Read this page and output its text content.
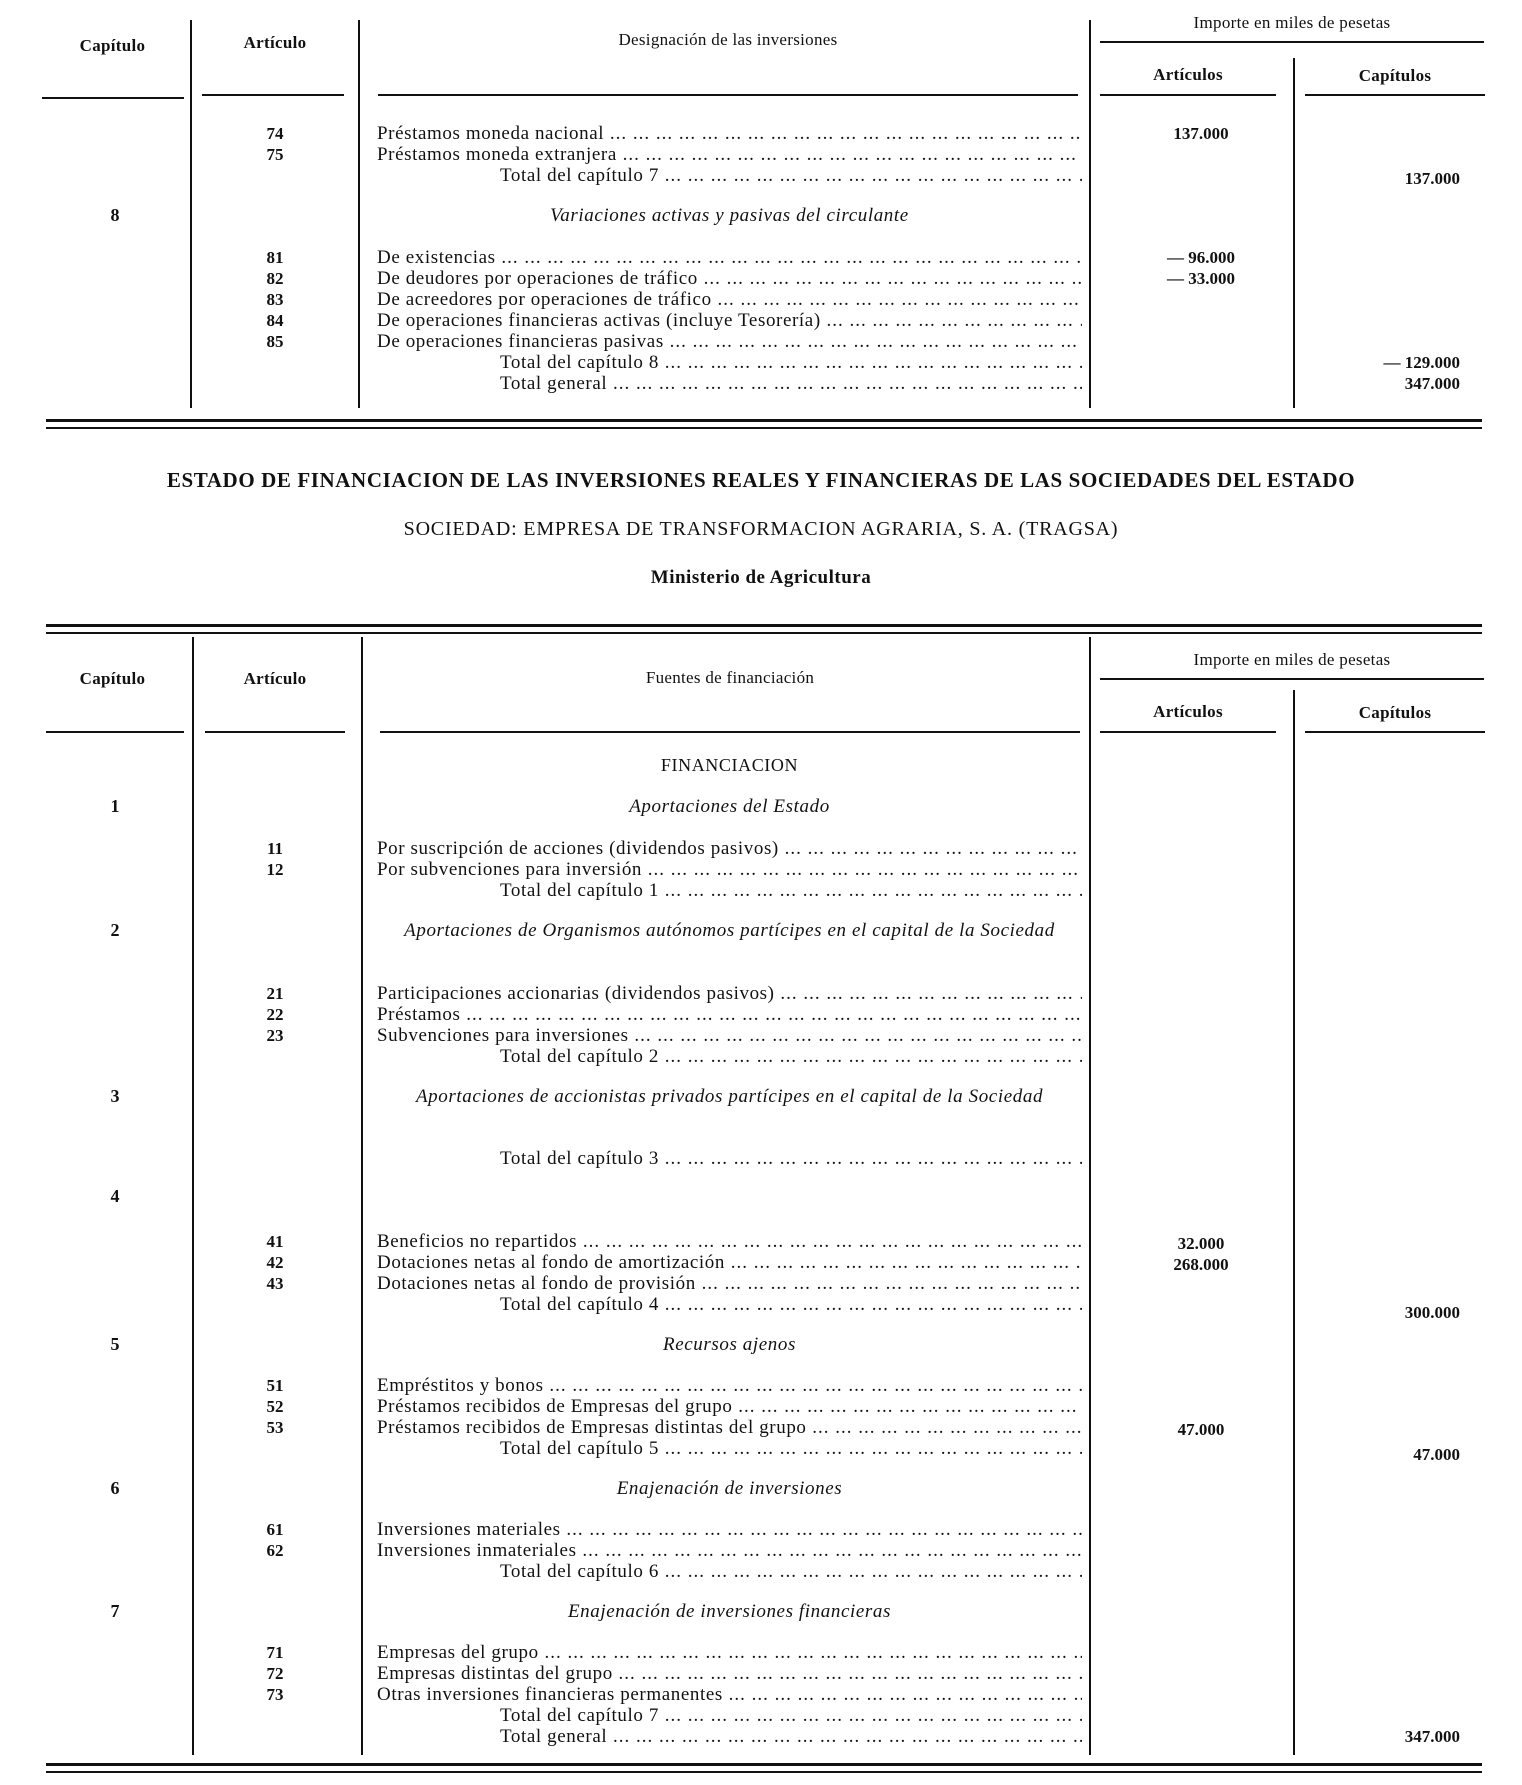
Capítulo	Artículo	Designación de las inversiones
Importe en miles de pesetas
Artículos	Capítulos
74	Préstamos moneda nacional ... .	137.000
75	Préstamos moneda extranjera ... .
Total del capítulo 7 ... .	137.000
8	Variaciones activas y pasivas del circulante
81	De existencias ... .	— 96.000
82	De deudores por operaciones de tráfico ... .	— 33.000
83	De acreedores por operaciones de tráfico ... .
84	De operaciones financieras activas (incluye Tesorería) ... .
85	De operaciones financieras pasivas ... .
Total del capítulo 8 ... .	— 129.000
Total general ... .	347.000
ESTADO DE FINANCIACION DE LAS INVERSIONES REALES Y FINANCIERAS DE LAS SOCIEDADES DEL ESTADO
SOCIEDAD: EMPRESA DE TRANSFORMACION AGRARIA, S. A. (TRAGSA)
Ministerio de Agricultura
Capítulo	Artículo	Fuentes de financiación
Importe en miles de pesetas
Artículos	Capítulos
FINANCIACION
1	Aportaciones del Estado
11	Por suscripción de acciones (dividendos pasivos) ... .
12	Por subvenciones para inversión ... .
Total del capítulo 1 ... .
2	Aportaciones de Organismos autónomos partícipes en el capital de la Sociedad
21	Participaciones accionarias (dividendos pasivos) ... .
22	Préstamos ... .
23	Subvenciones para inversiones ... .
Total del capítulo 2 ... .
3	Aportaciones de accionistas privados partícipes en el capital de la Sociedad
Total del capítulo 3 ... .
4
41	Beneficios no repartidos ... .	32.000
42	Dotaciones netas al fondo de amortización ... .	268.000
43	Dotaciones netas al fondo de provisión ... .
Total del capítulo 4 ... .	300.000
5	Recursos ajenos
51	Empréstitos y bonos ... .
52	Préstamos recibidos de Empresas del grupo ... .
53	Préstamos recibidos de Empresas distintas del grupo ... .	47.000
Total del capítulo 5 ... .	47.000
6	Enajenación de inversiones
61	Inversiones materiales ... .
62	Inversiones inmateriales ... .
Total del capítulo 6 ... .
7	Enajenación de inversiones financieras
71	Empresas del grupo ... .
72	Empresas distintas del grupo ... .
73	Otras inversiones financieras permanentes ... .
Total del capítulo 7 ... .
Total general ... .	347.000
